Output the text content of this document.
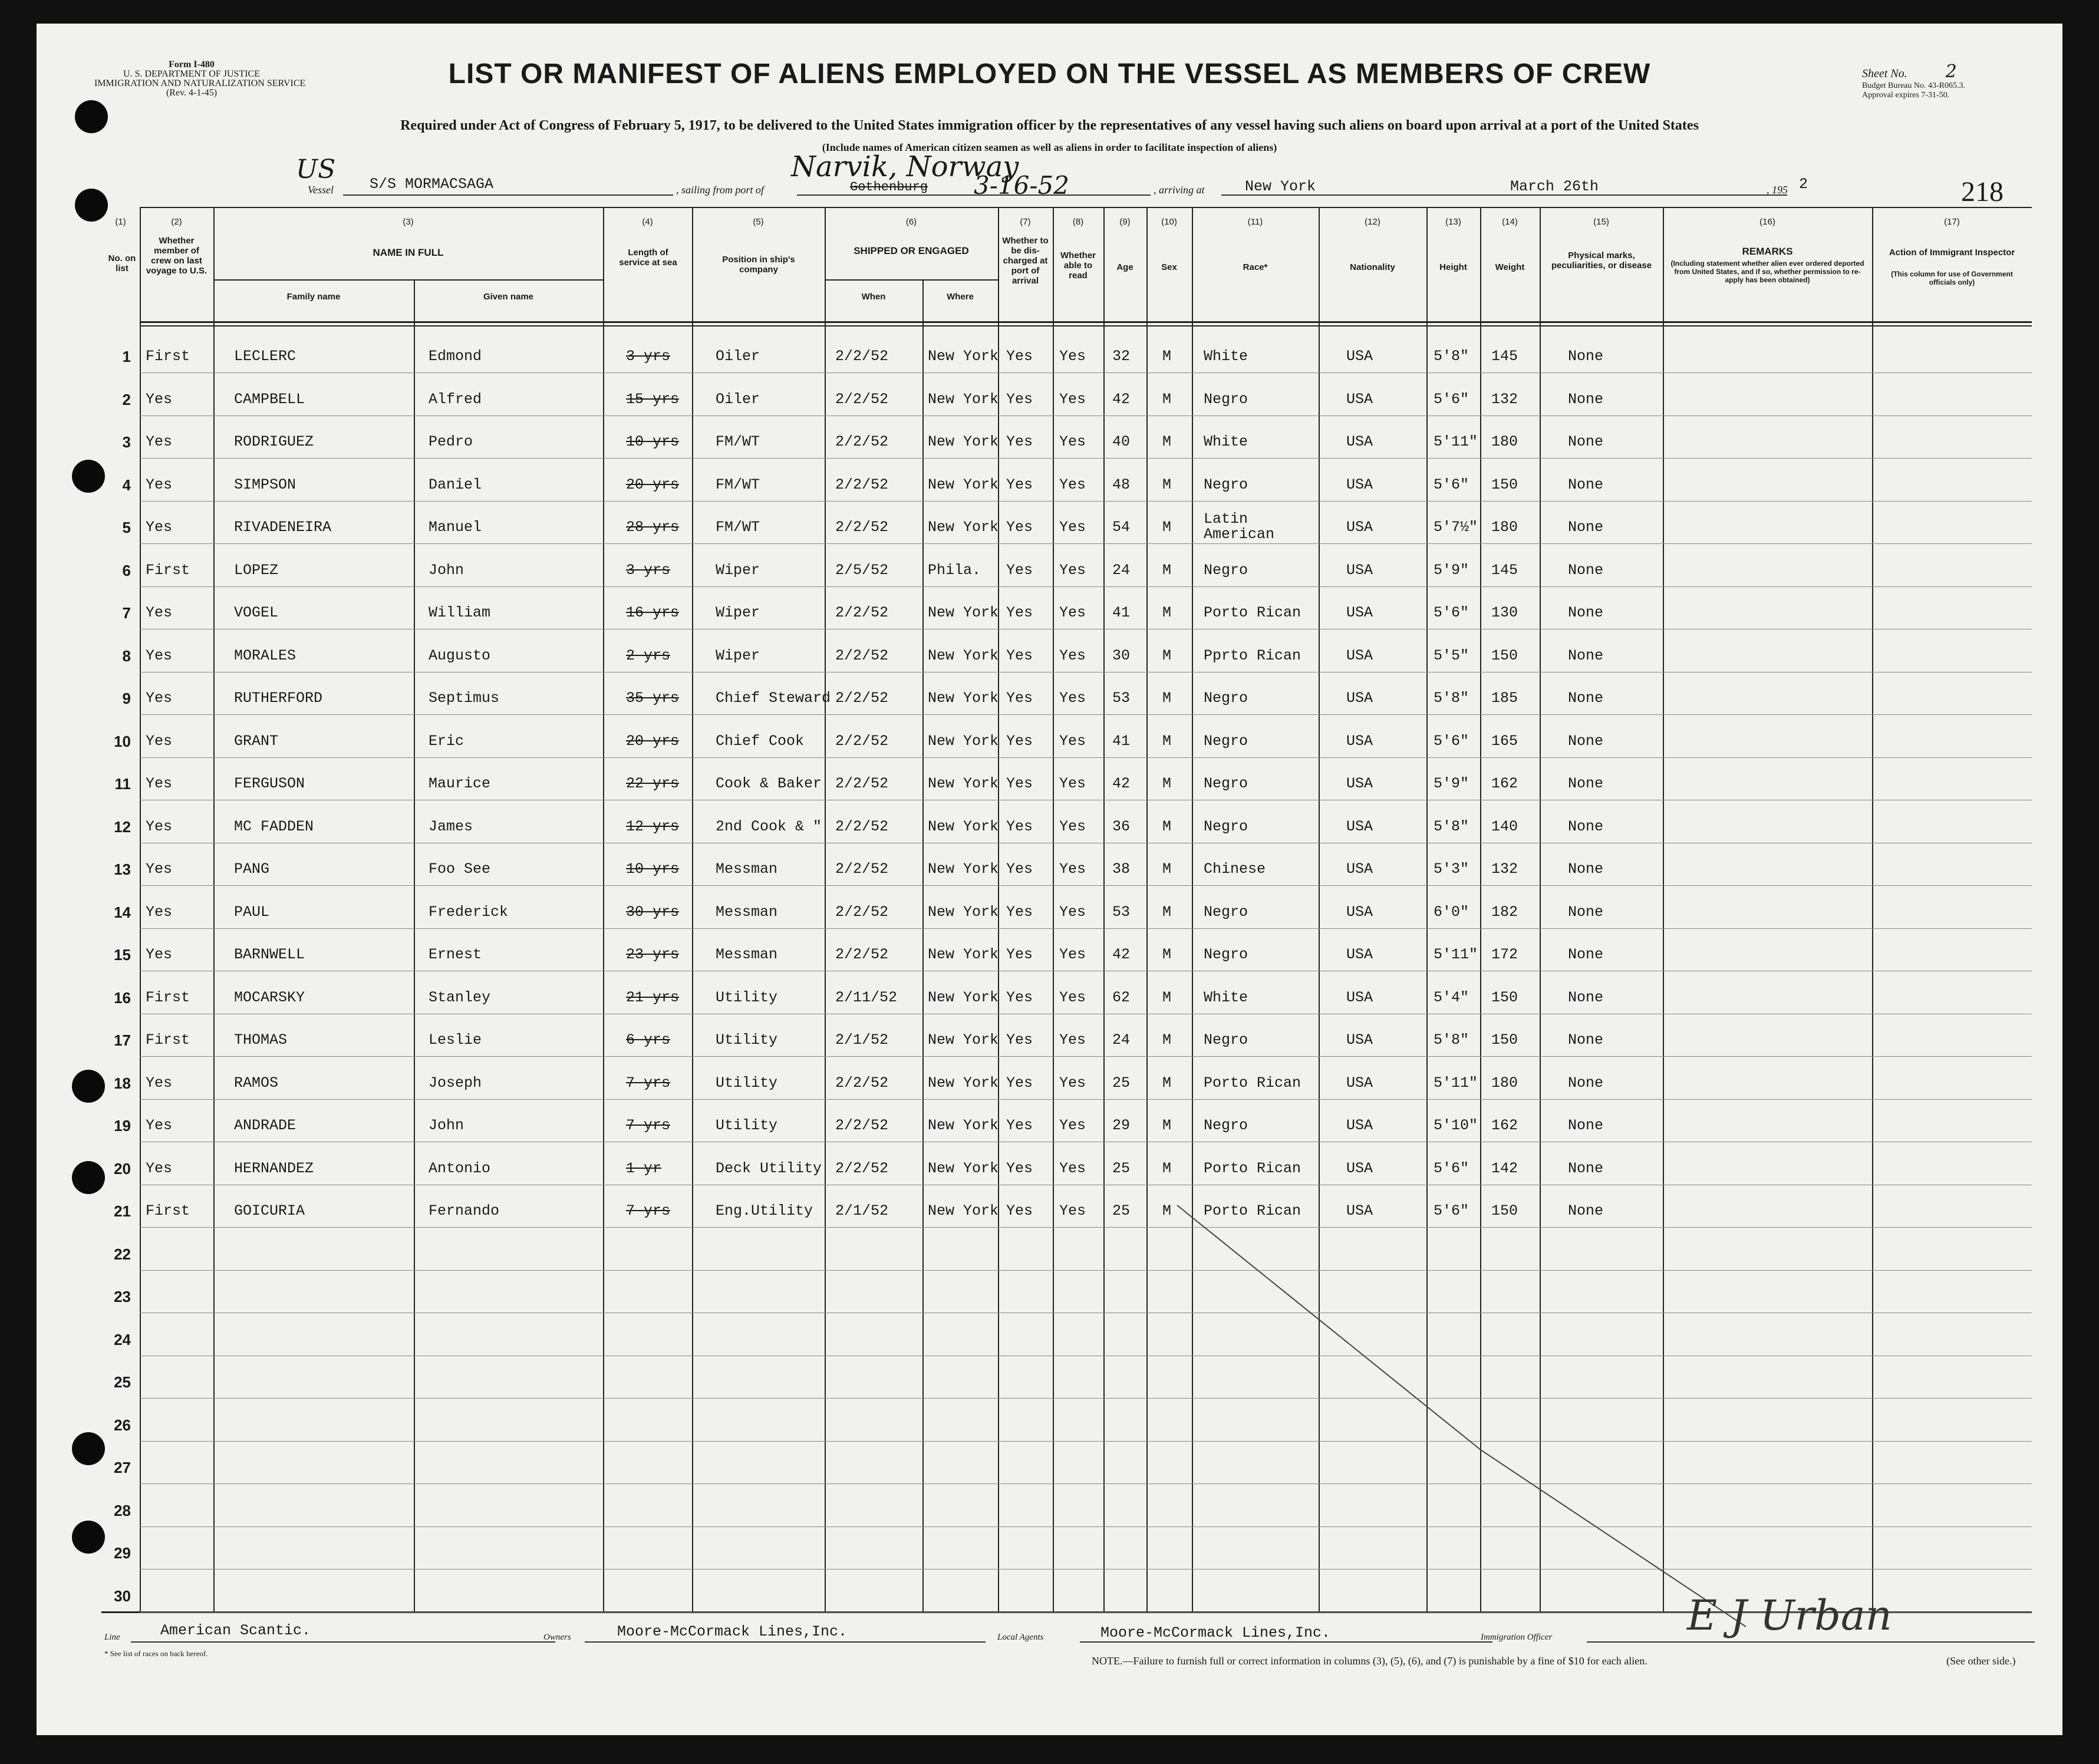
Form I-480
U. S. DEPARTMENT OF JUSTICE
IMMIGRATION AND NATURALIZATION SERVICE
(Rev. 4-1-45)
LIST OR MANIFEST OF ALIENS EMPLOYED ON THE VESSEL AS MEMBERS OF CREW	Sheet No. 2
Budget Bureau No. 43-R065.3.
Approval expires 7-31-50.
Required under Act of Congress of February 5, 1917, to be delivered to the United States immigration officer by the representatives of any vessel having such aliens on board upon arrival at a port of the United States
(Include names of American citizen seamen as well as aliens in order to facilitate inspection of aliens)
US
Vessel S/S MORMACSAGA	, sailing from port of
Narvik, Norway
Gothenburg 3-16-52	, arriving at	New York	March 26th	, 195 2	218
(1)	(2)	(3)	(4)	(5)	(6)	(7)	(8)	(9)	(10)	(11)	(12)	(13)	(14)	(15)	(16)	(17)
No. on list
Whether member of crew on last voyage to U.S.
NAME IN FULL
Family name	Given name
Length of service at sea	Position in ship's company
SHIPPED OR ENGAGED
When	Where
Whether to be dis-charged at port of arrival
Whether able to read
Age	Sex	Race*	Nationality	Height	Weight
Physical marks, peculiarities, or disease
REMARKS
(Including statement whether alien ever ordered deported from United States, and if so, whether permission to re-apply has been obtained)
Action of Immigrant Inspector
(This column for use of Government officials only)
1 First	LECLERC	Edmond	3 yrs	Oiler	2/2/52	New York Yes Yes 32 M White	USA	5'8" 145	None
2 Yes	CAMPBELL	Alfred	15 yrs Oiler	2/2/52	New York Yes Yes 42 M Negro	USA	5'6" 132	None
3 Yes	RODRIGUEZ	Pedro	10 yrs FM/WT	2/2/52	New York Yes Yes 40 M White	USA	5'11" 180	None
4 Yes	SIMPSON	Daniel	20 yrs FM/WT	2/2/52	New York Yes Yes 48 M Negro	USA	5'6" 150	None
5 Yes	RIVADENEIRA	Manuel	28 yrs FM/WT	2/2/52	New York Yes Yes 54 M Latin American	USA	5'7½" 180	None
6 First	LOPEZ	John	3 yrs	Wiper	2/5/52	Phila. Yes Yes 24 M Negro	USA	5'9" 145	None
7 Yes	VOGEL	William	16 yrs Wiper	2/2/52	New York Yes Yes 41 M Porto Rican	USA	5'6" 130	None
8 Yes	MORALES	Augusto	2 yrs	Wiper	2/2/52	New York Yes Yes 30 M Pprto Rican	USA	5'5" 150	None
9 Yes	RUTHERFORD	Septimus	35 yrs Chief Steward 2/2/52	New York Yes Yes 53 M Negro	USA	5'8" 185	None
10 Yes	GRANT	Eric	20 yrs Chief Cook 2/2/52	New York Yes Yes 41 M Negro	USA	5'6" 165	None
11 Yes	FERGUSON	Maurice	22 yrs Cook & Baker 2/2/52	New York Yes Yes 42 M Negro	USA	5'9" 162	None
12 Yes	MC FADDEN	James	12 yrs 2nd Cook & " 2/2/52	New York Yes Yes 36 M Negro	USA	5'8" 140	None
13 Yes	PANG	Foo See	10 yrs Messman	2/2/52	New York Yes Yes 38 M Chinese	USA	5'3" 132	None
14 Yes	PAUL	Frederick	30 yrs Messman	2/2/52	New York Yes Yes 53 M Negro	USA	6'0" 182	None
15 Yes	BARNWELL	Ernest	23 yrs Messman	2/2/52	New York Yes Yes 42 M Negro	USA	5'11" 172	None
16 First	MOCARSKY	Stanley	21 yrs Utility	2/11/52 New York Yes Yes 62 M White	USA	5'4" 150	None
17 First	THOMAS	Leslie	6 yrs	Utility	2/1/52	New York Yes Yes 24 M Negro	USA	5'8" 150	None
18 Yes	RAMOS	Joseph	7 yrs	Utility	2/2/52	New York Yes Yes 25 M Porto Rican	USA	5'11" 180	None
19 Yes	ANDRADE	John	7 yrs	Utility	2/2/52	New York Yes Yes 29 M Negro	USA	5'10" 162	None
20 Yes	HERNANDEZ	Antonio	1 yr	Deck Utility 2/2/52	New York Yes Yes 25 M Porto Rican	USA	5'6" 142	None
21 First	GOICURIA	Fernando	7 yrs	Eng.Utility 2/1/52	New York Yes Yes 25 M Porto Rican	USA	5'6" 150	None
22
23
24
25
26
27
28
29
30
Line	American Scantic.	Owners	Moore-McCormack Lines,Inc.	Local Agents	Moore-McCormack Lines,Inc.	Immigration Officer	E J Urban
* See list of races on back hereof.
NOTE.—Failure to furnish full or correct information in columns (3), (5), (6), and (7) is punishable by a fine of $10 for each alien.	(See other side.)
